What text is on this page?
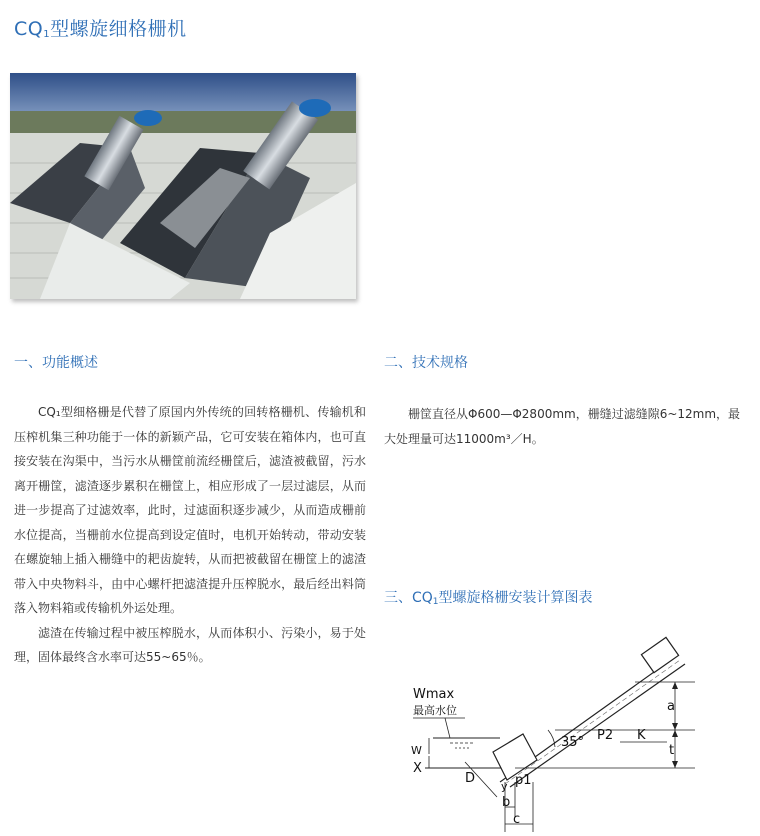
$CQ_1$型螺旋细格栅机
一、功能概述

CQ₁型细格栅是代替了原国内外传统的回转格栅机、传输机和压榨机集三种功能于一体的新颖产品，它可安装在箱体内，也可直接安装在沟渠中，当污水从栅筐前流经栅筐后，滤渣被截留，污水离开栅筐，滤渣逐步累积在栅筐上，相应形成了一层过滤层，从而进一步提高了过滤效率，此时，过滤面积逐步减少，从而造成栅前水位提高，当栅前水位提高到设定值时，电机开始转动，带动安装在螺旋轴上插入栅缝中的耙齿旋转，从而把被截留在栅筐上的滤渣带入中央物料斗，由中心螺杆把滤渣提升压榨脱水，最后经出料筒落入物料箱或传输机外运处理。

滤渣在传输过程中被压榨脱水，从而体积小、污染小，易于处理，固体最终含水率可达55~65％。

二、技术规格

栅筐直径从Φ600—Φ2800mm，栅缝过滤缝隙6~12mm，最大处理量可达11000m³／H。

三、$CQ_1$型螺旋格栅安装计算图表
a
t
K
P2
35°
Wmax
最高水位
W
X
D
y p1
b
c
